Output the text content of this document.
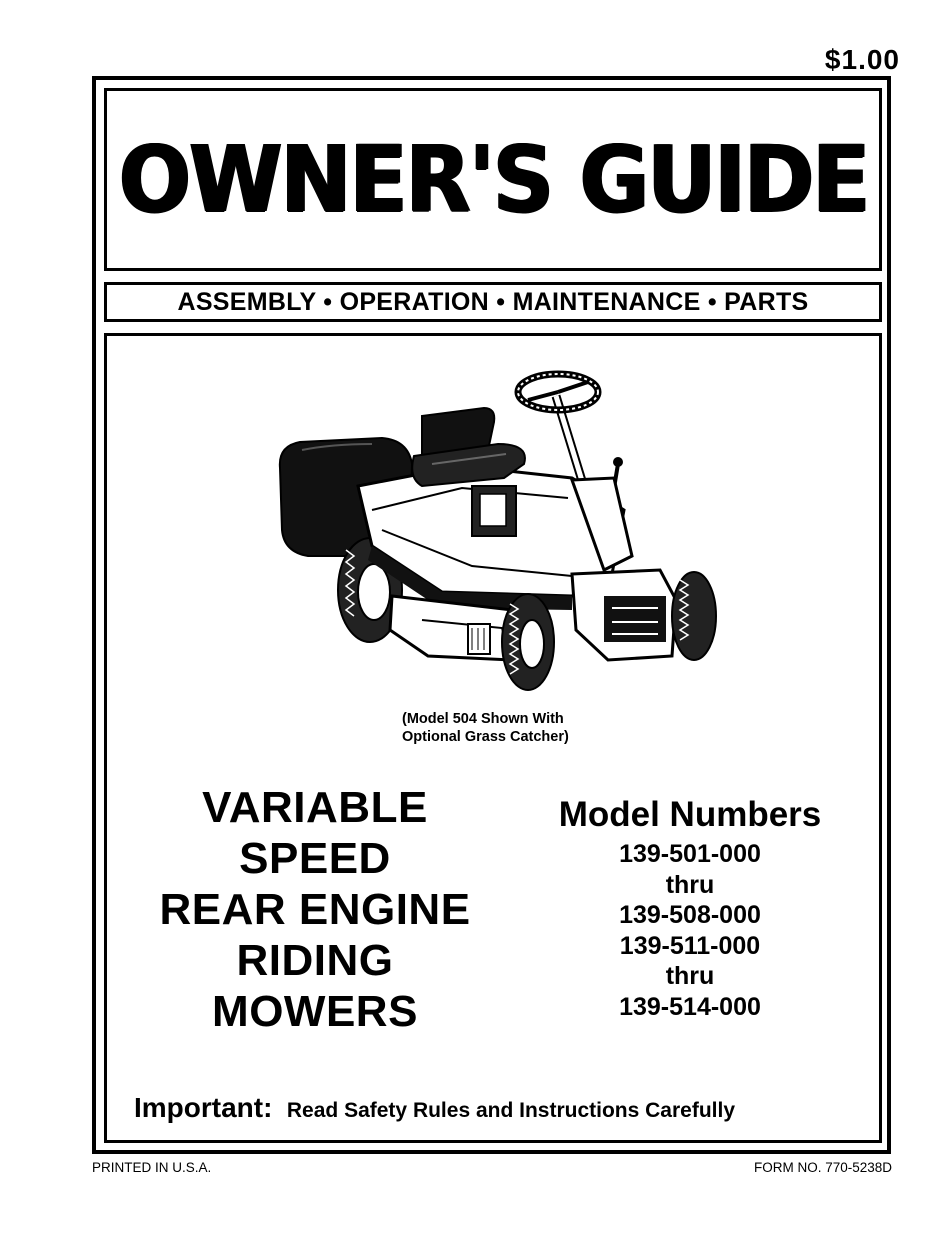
$1.00
OWNER'S GUIDE
ASSEMBLY • OPERATION • MAINTENANCE • PARTS
(Model 504 Shown With
Optional Grass Catcher)
VARIABLE
SPEED
REAR ENGINE
RIDING
MOWERS
Model Numbers
139-501-000
thru
139-508-000
139-511-000
thru
139-514-000
Important: Read Safety Rules and Instructions Carefully
PRINTED IN U.S.A.	FORM NO. 770-5238D
